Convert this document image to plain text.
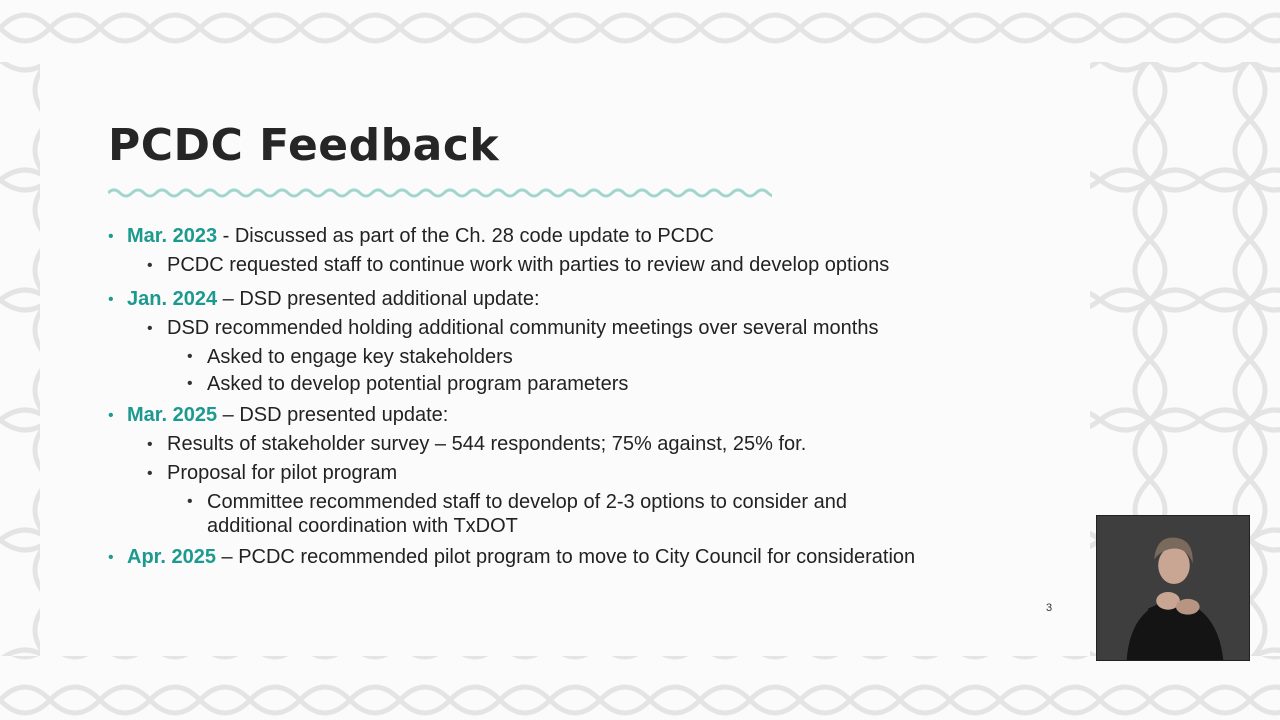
PCDC Feedback
• Mar. 2023 - Discussed as part of the Ch. 28 code update to PCDC
• PCDC requested staff to continue work with parties to review and develop options
• Jan. 2024 – DSD presented additional update:
• DSD recommended holding additional community meetings over several months
• Asked to engage key stakeholders
• Asked to develop potential program parameters
• Mar. 2025 – DSD presented update:
• Results of stakeholder survey – 544 respondents; 75% against, 25% for.
• Proposal for pilot program
• Committee recommended staff to develop of 2-3 options to consider and additional coordination with TxDOT
• Apr. 2025 – PCDC recommended pilot program to move to City Council for consideration
3
